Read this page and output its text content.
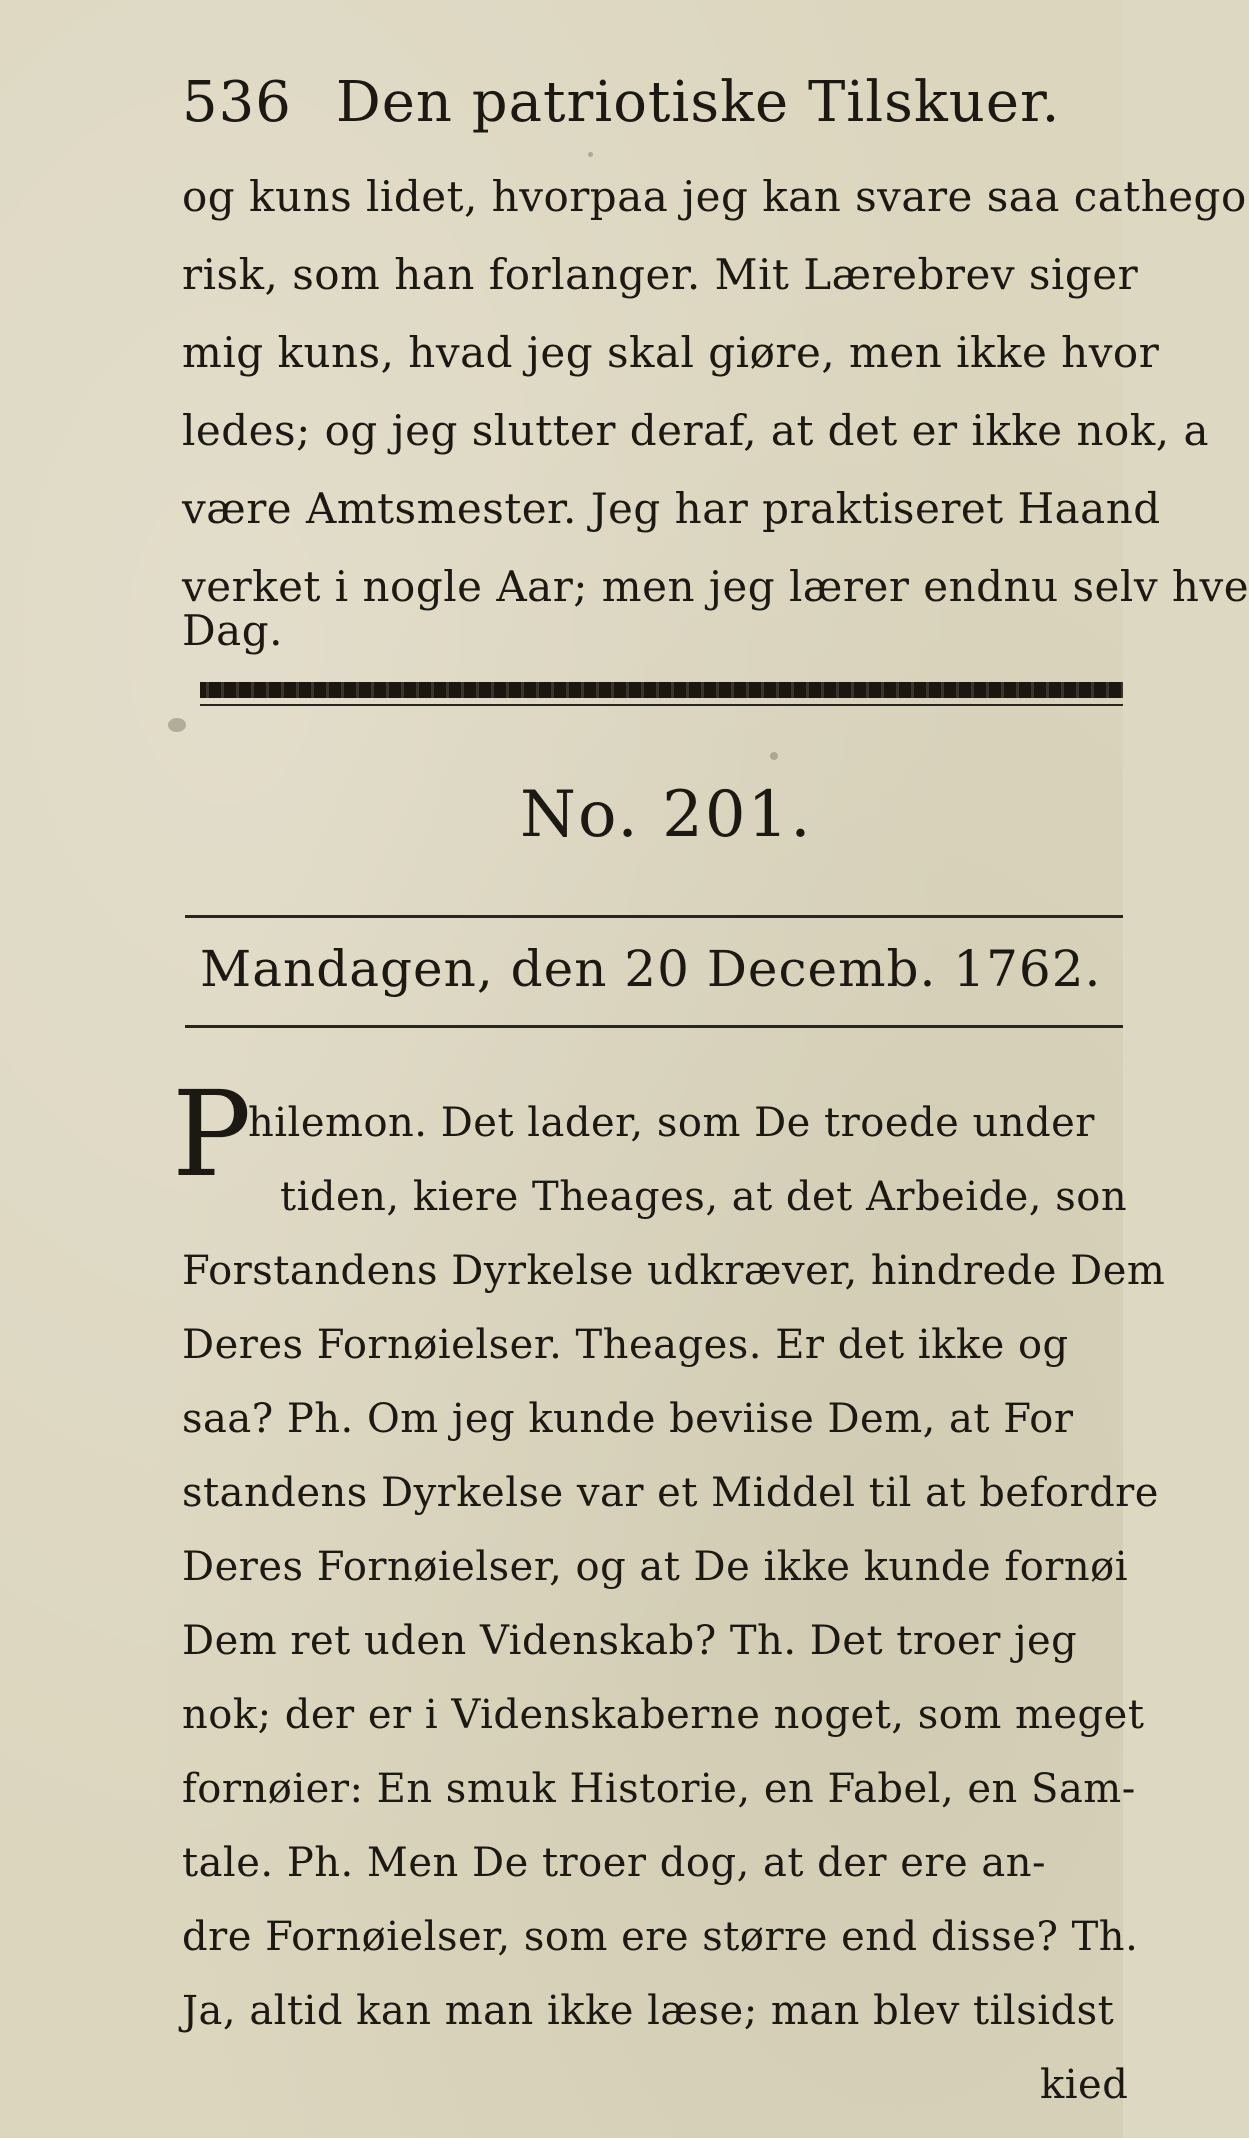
536 Den patriotiske Tilskuer.
og kuns lidet, hvorpaa jeg kan svare saa cathego
risk, som han forlanger. Mit Lærebrev siger
mig kuns, hvad jeg skal giøre, men ikke hvor
ledes; og jeg slutter deraf, at det er ikke nok, a
være Amtsmester. Jeg har praktiseret Haand
verket i nogle Aar; men jeg lærer endnu selv hve
Dag.
No. 201.
Mandagen, den 20 Decemb. 1762.
P
hilemon. Det lader, som De troede under
tiden, kiere Theages, at det Arbeide, son
Forstandens Dyrkelse udkræver, hindrede Dem
Deres Fornøielser. Theages. Er det ikke og
saa? Ph. Om jeg kunde beviise Dem, at For
standens Dyrkelse var et Middel til at befordre
Deres Fornøielser, og at De ikke kunde fornøi
Dem ret uden Videnskab? Th. Det troer jeg
nok; der er i Videnskaberne noget, som meget
fornøier: En smuk Historie, en Fabel, en Sam-
tale. Ph. Men De troer dog, at der ere an-
dre Fornøielser, som ere større end disse? Th.
Ja, altid kan man ikke læse; man blev tilsidst
kied
